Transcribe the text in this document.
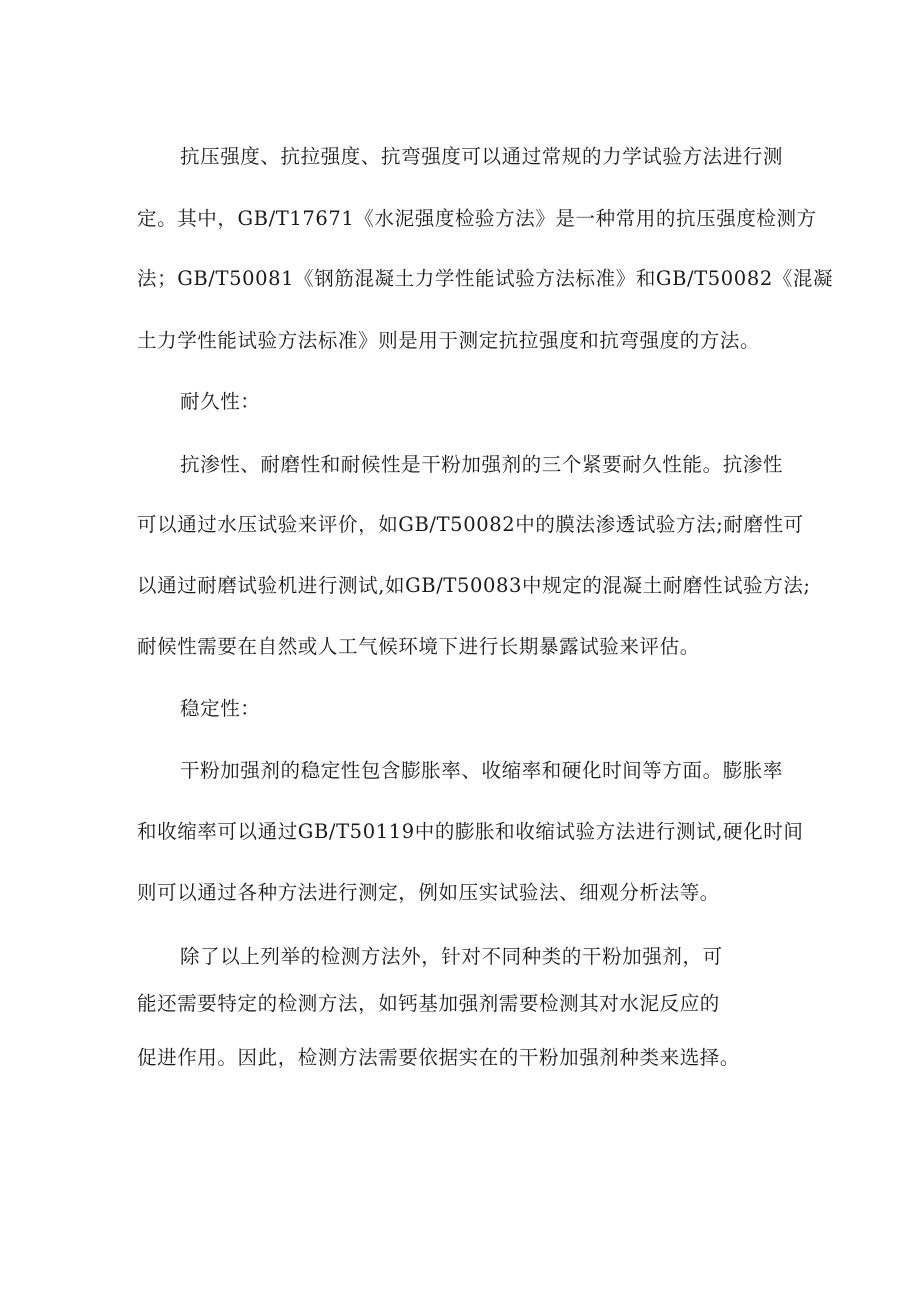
抗压强度、抗拉强度、抗弯强度可以通过常规的力学试验方法进行测
定。其中，GB/T17671《水泥强度检验方法》是一种常用的抗压强度检测方
法；GB/T50081《钢筋混凝土力学性能试验方法标准》和GB/T50082《混凝
土力学性能试验方法标准》则是用于测定抗拉强度和抗弯强度的方法。
耐久性：
抗渗性、耐磨性和耐候性是干粉加强剂的三个紧要耐久性能。抗渗性
可以通过水压试验来评价，如GB/T50082中的膜法渗透试验方法;耐磨性可
以通过耐磨试验机进行测试,如GB/T50083中规定的混凝土耐磨性试验方法;
耐候性需要在自然或人工气候环境下进行长期暴露试验来评估。
稳定性：
干粉加强剂的稳定性包含膨胀率、收缩率和硬化时间等方面。膨胀率
和收缩率可以通过GB/T50119中的膨胀和收缩试验方法进行测试,硬化时间
则可以通过各种方法进行测定，例如压实试验法、细观分析法等。
除了以上列举的检测方法外，针对不同种类的干粉加强剂，可
能还需要特定的检测方法，如钙基加强剂需要检测其对水泥反应的
促进作用。因此，检测方法需要依据实在的干粉加强剂种类来选择。
